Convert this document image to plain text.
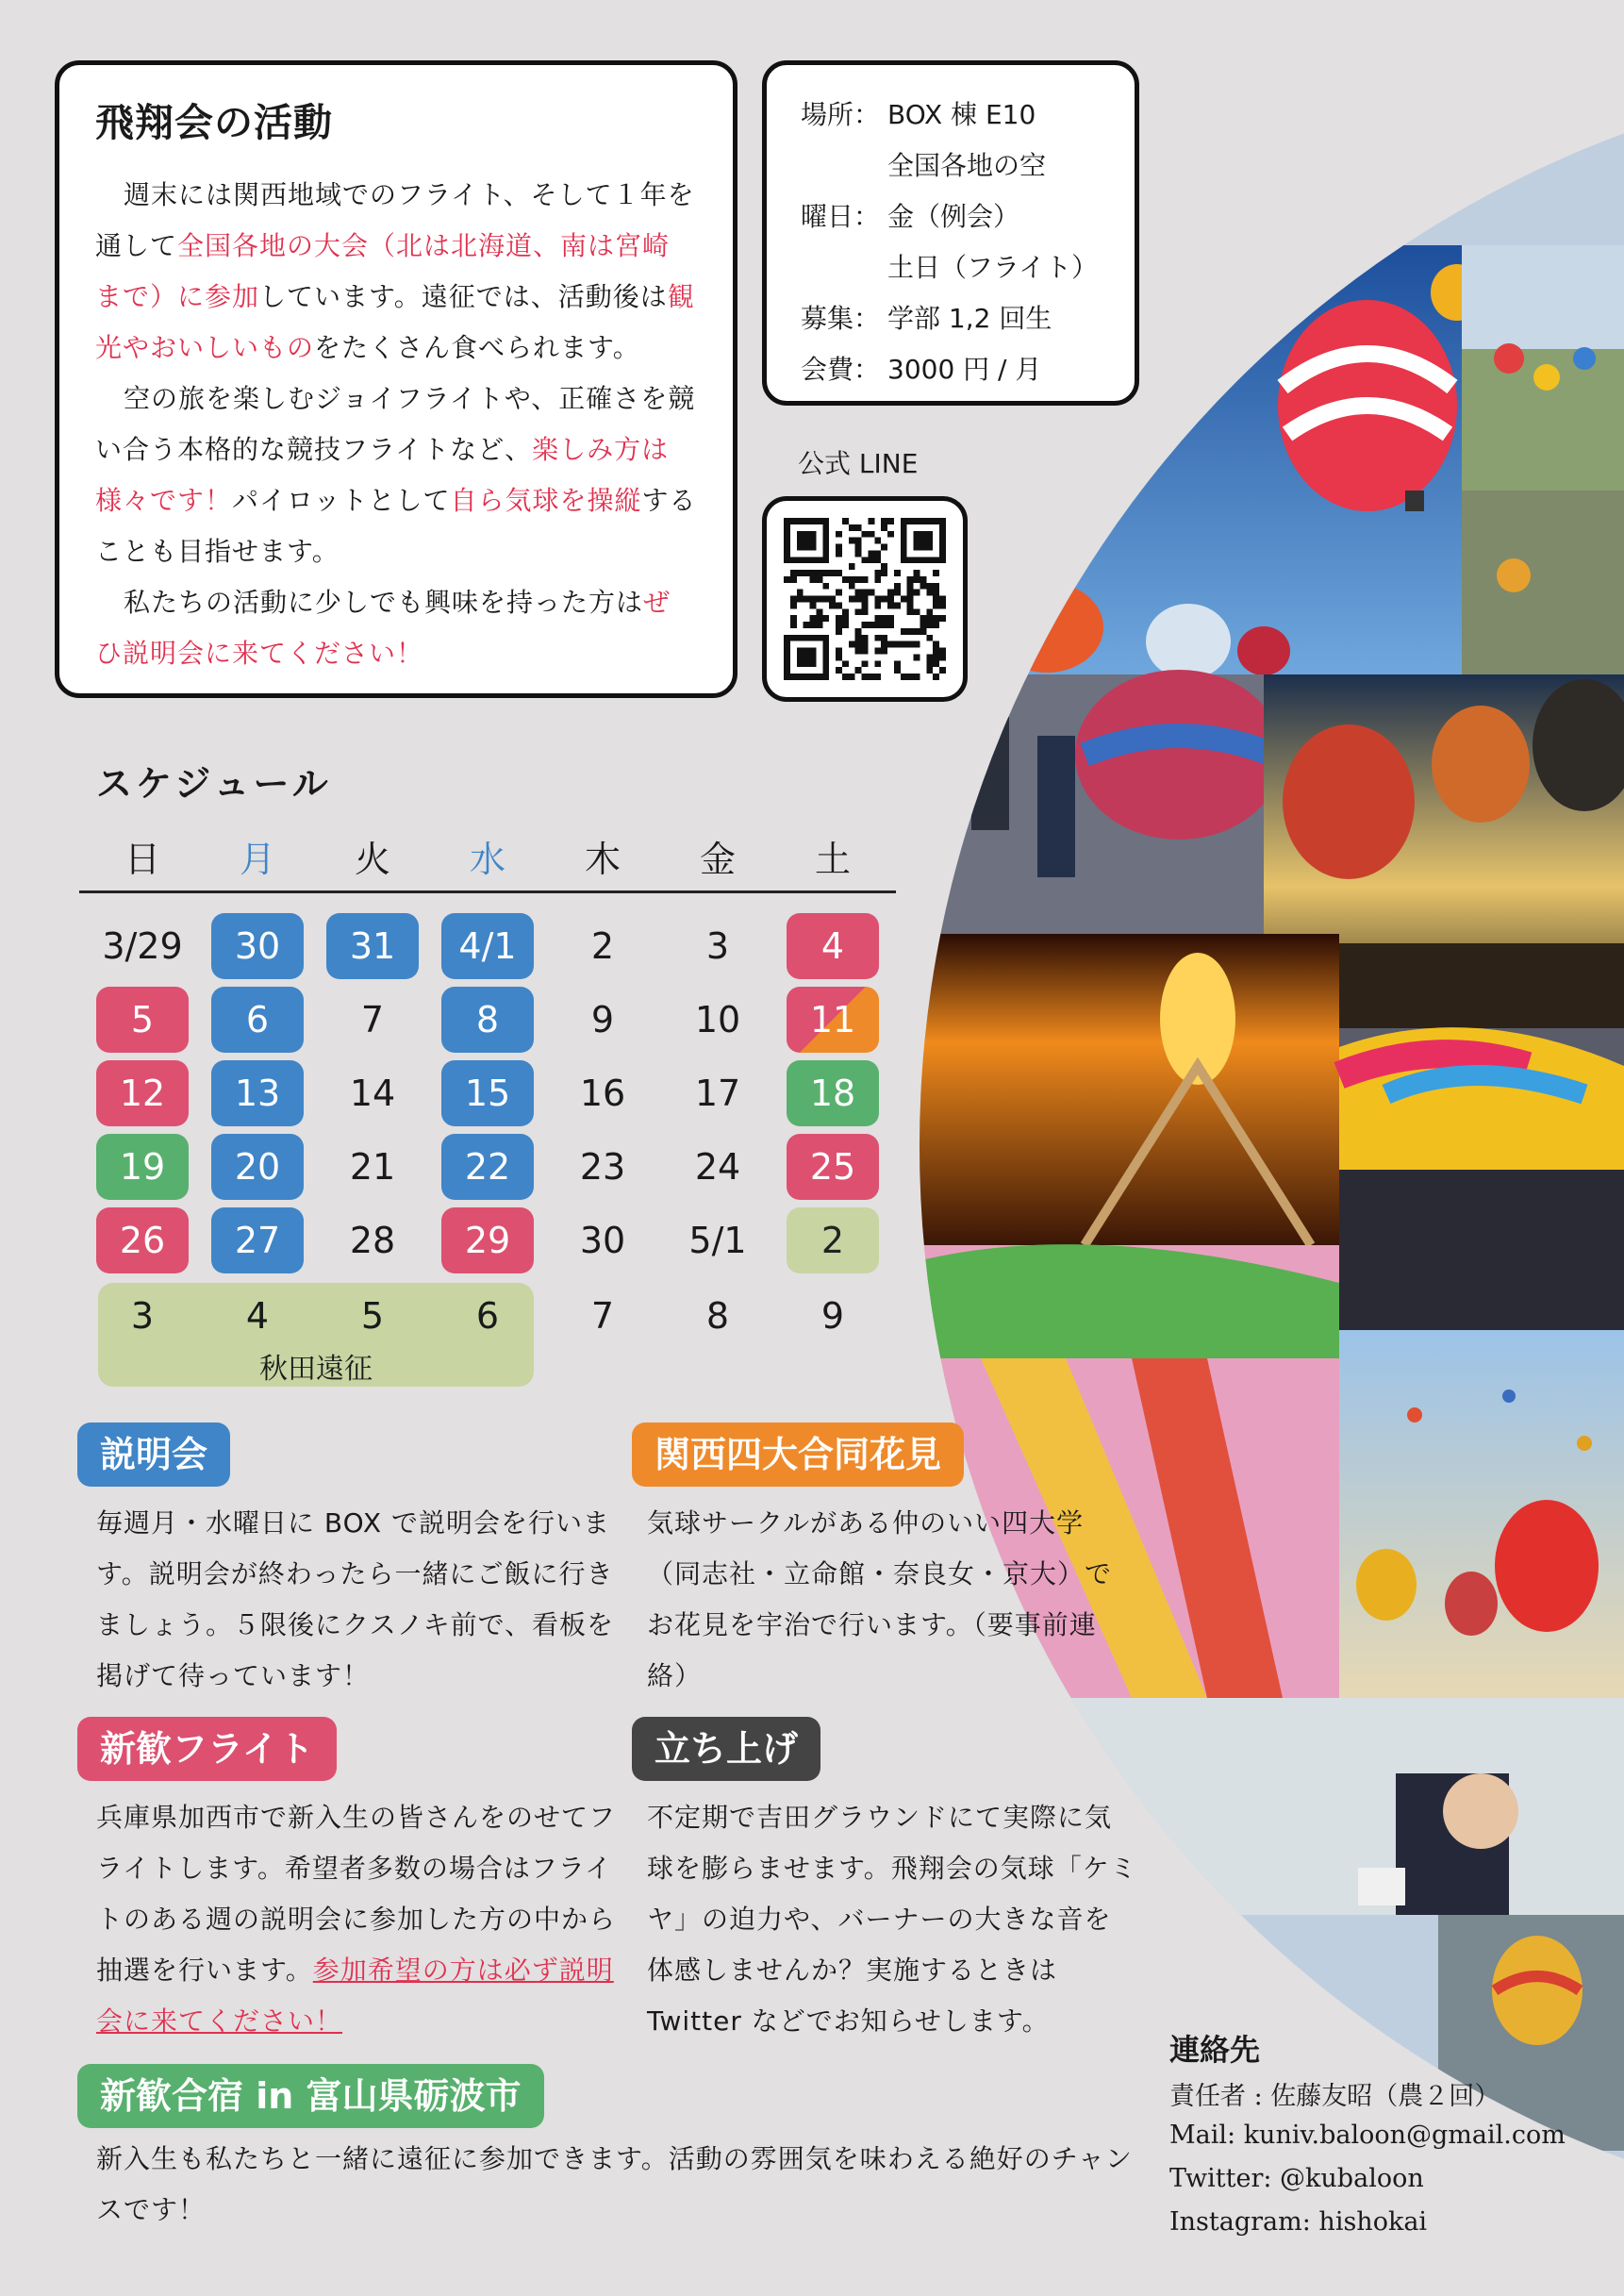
飛翔会の活動

週末には関西地域でのフライト、そして１年を通して全国各地の大会（北は北海道、南は宮崎まで）に参加しています。遠征では、活動後は観光やおいしいものをたくさん食べられます。

空の旅を楽しむジョイフライトや、正確さを競い合う本格的な競技フライトなど、楽しみ方は様々です！パイロットとして自ら気球を操縦することも目指せます。

私たちの活動に少しでも興味を持った方はぜひ説明会に来てください！

場所： BOX 棟 E10
全国各地の空
曜日： 金（例会）
土日（フライト）
募集： 学部 1,2 回生
会費： 3000 円 / 月
公式 LINE
スケジュール
日	月	火	水	木	金	土
3/29	30	31	4/1	2	3	4
5	6	7	8	9	10	11
12	13	14	15	16	17	18
19	20	21	22	23	24	25
26	27	28	29	30	5/1	2
3	4	5	6	7	8	9
秋田遠征
説明会

毎週月・水曜日に BOX で説明会を行います。説明会が終わったら一緒にご飯に行きましょう。５限後にクスノキ前で、看板を掲げて待っています！

関西四大合同花見

気球サークルがある仲のいい四大学（同志社・立命館・奈良女・京大）でお花見を宇治で行います。（要事前連絡）

新歓フライト

兵庫県加西市で新入生の皆さんをのせてフライトします。希望者多数の場合はフライトのある週の説明会に参加した方の中から抽選を行います。参加希望の方は必ず説明会に来てください！

立ち上げ

不定期で吉田グラウンドにて実際に気球を膨らませます。飛翔会の気球「ケミヤ」の迫力や、バーナーの大きな音を体感しませんか？実施するときは Twitter などでお知らせします。

新歓合宿 in 富山県砺波市

新入生も私たちと一緒に遠征に参加できます。活動の雰囲気を味わえる絶好のチャンスです！

連絡先
責任者 : 佐藤友昭（農２回）
Mail: kuniv.baloon@gmail.com
Twitter: @kubaloon
Instagram: hishokai
